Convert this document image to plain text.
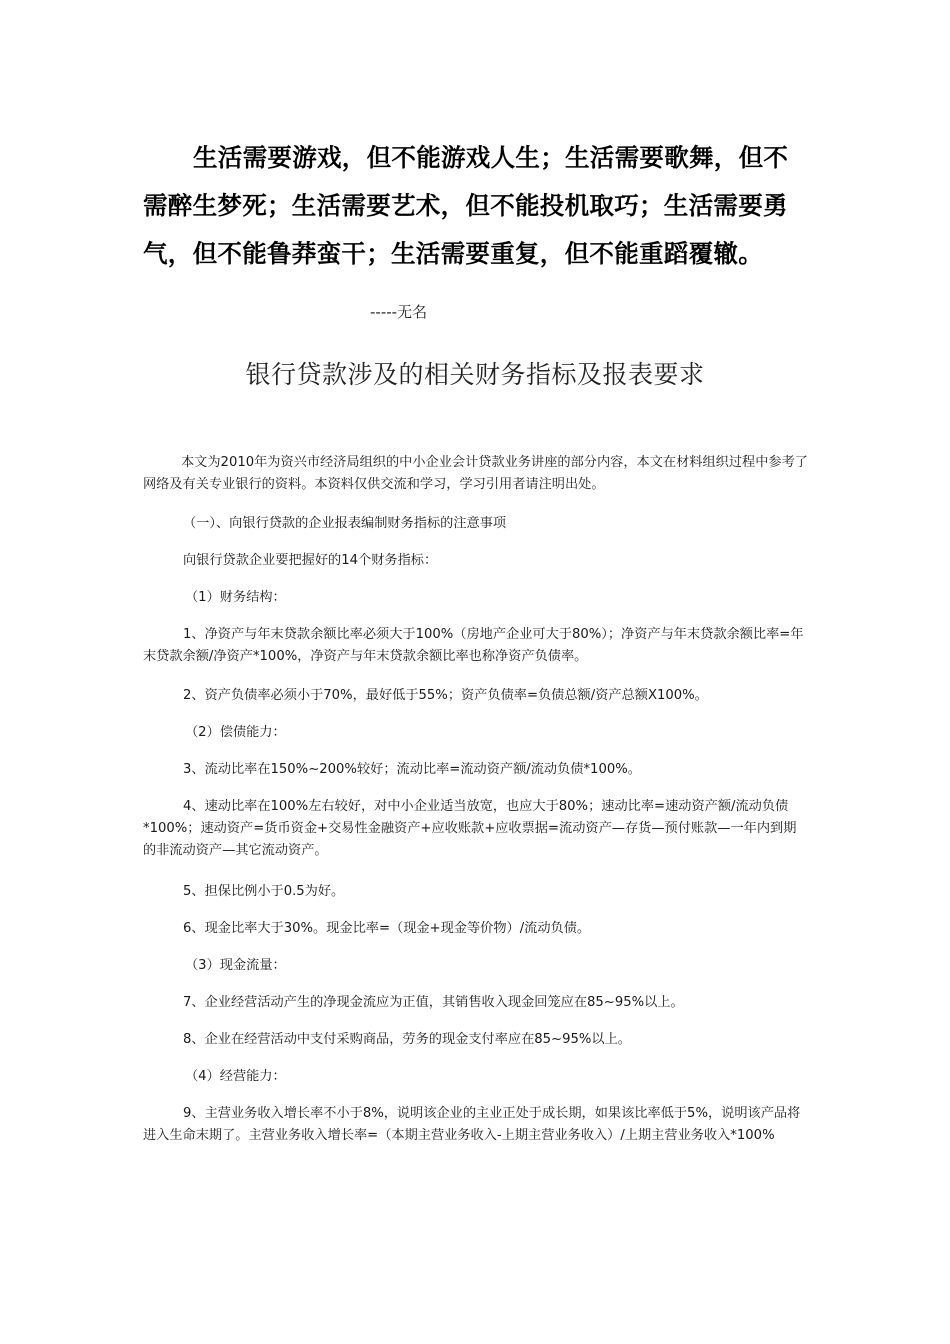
生活需要游戏，但不能游戏人生；生活需要歌舞，但不需醉生梦死；生活需要艺术，但不能投机取巧；生活需要勇气，但不能鲁莽蛮干；生活需要重复，但不能重蹈覆辙。

-----无名
银行贷款涉及的相关财务指标及报表要求

本文为2010年为资兴市经济局组织的中小企业会计贷款业务讲座的部分内容，本文在材料组织过程中参考了网络及有关专业银行的资料。本资料仅供交流和学习，学习引用者请注明出处。

（一）、向银行贷款的企业报表编制财务指标的注意事项

向银行贷款企业要把握好的14个财务指标：

（1）财务结构：

1、净资产与年末贷款余额比率必须大于100%（房地产企业可大于80%）；净资产与年末贷款余额比率=年末贷款余额/净资产*100%，净资产与年末贷款余额比率也称净资产负债率。

2、资产负债率必须小于70%，最好低于55%；资产负债率=负债总额/资产总额X100%。

（2）偿债能力：

3、流动比率在150%~200%较好；流动比率=流动资产额/流动负债*100%。

4、速动比率在100%左右较好，对中小企业适当放宽，也应大于80%；速动比率=速动资产额/流动负债*100%；速动资产=货币资金+交易性金融资产+应收账款+应收票据=流动资产—存货—预付账款—一年内到期的非流动资产—其它流动资产。

5、担保比例小于0.5为好。

6、现金比率大于30%。现金比率=（现金+现金等价物）/流动负债。

（3）现金流量：

7、企业经营活动产生的净现金流应为正值，其销售收入现金回笼应在85~95%以上。

8、企业在经营活动中支付采购商品，劳务的现金支付率应在85~95%以上。

（4）经营能力：

9、主营业务收入增长率不小于8%，说明该企业的主业正处于成长期，如果该比率低于5%，说明该产品将进入生命末期了。主营业务收入增长率=（本期主营业务收入-上期主营业务收入）/上期主营业务收入*100%
